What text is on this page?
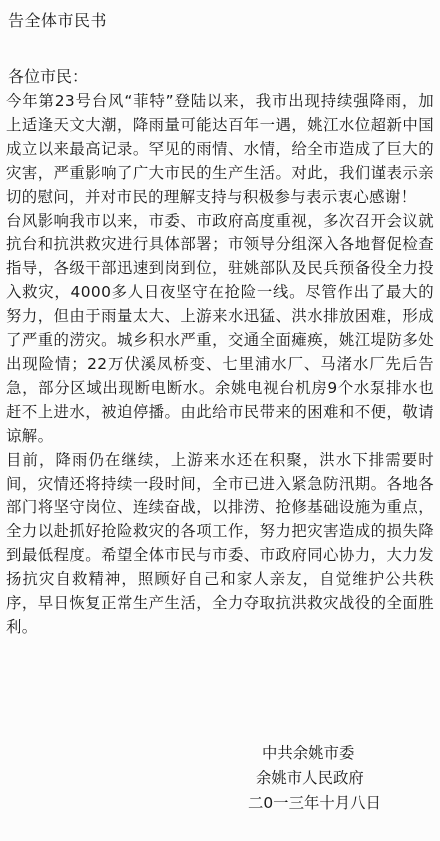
告全体市民书
各位市民：

今年第23号台风“菲特”登陆以来，我市出现持续强降雨，加上适逢天文大潮，降雨量可能达百年一遇，姚江水位超新中国成立以来最高记录。罕见的雨情、水情，给全市造成了巨大的灾害，严重影响了广大市民的生产生活。对此，我们谨表示亲切的慰问，并对市民的理解支持与积极参与表示衷心感谢！

台风影响我市以来，市委、市政府高度重视，多次召开会议就抗台和抗洪救灾进行具体部署；市领导分组深入各地督促检查指导，各级干部迅速到岗到位，驻姚部队及民兵预备役全力投入救灾，4000多人日夜坚守在抢险一线。尽管作出了最大的努力，但由于雨量太大、上游来水迅猛、洪水排放困难，形成了严重的涝灾。城乡积水严重，交通全面瘫痪，姚江堤防多处出现险情；22万伏溪凤桥变、七里浦水厂、马渚水厂先后告急，部分区域出现断电断水。余姚电视台机房9个水泵排水也赶不上进水，被迫停播。由此给市民带来的困难和不便，敬请谅解。

目前，降雨仍在继续，上游来水还在积聚，洪水下排需要时间，灾情还将持续一段时间，全市已进入紧急防汛期。各地各部门将坚守岗位、连续奋战，以排涝、抢修基础设施为重点，全力以赴抓好抢险救灾的各项工作，努力把灾害造成的损失降到最低程度。希望全体市民与市委、市政府同心协力，大力发扬抗灾自救精神，照顾好自己和家人亲友，自觉维护公共秩序，早日恢复正常生产生活，全力夺取抗洪救灾战役的全面胜利。

中共余姚市委
余姚市人民政府
二0一三年十月八日
